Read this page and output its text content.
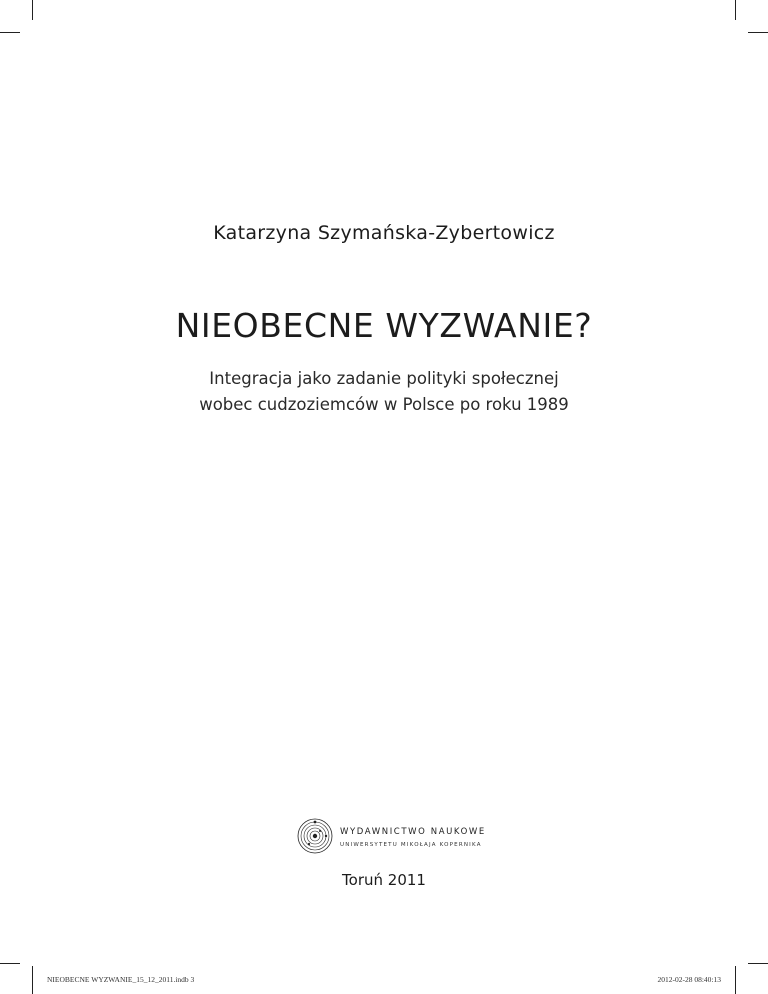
Katarzyna Szymańska-Zybertowicz
NIEOBECNE WYZWANIE?
Integracja jako zadanie polityki społecznej
wobec cudzoziemców w Polsce po roku 1989
WYDAWNICTWO NAUKOWE
UNIWERSYTETU MIKOŁAJA KOPERNIKA
Toruń 2011
NIEOBECNE WYZWANIE_15_12_2011.indb 3	2012-02-28 08:40:13
